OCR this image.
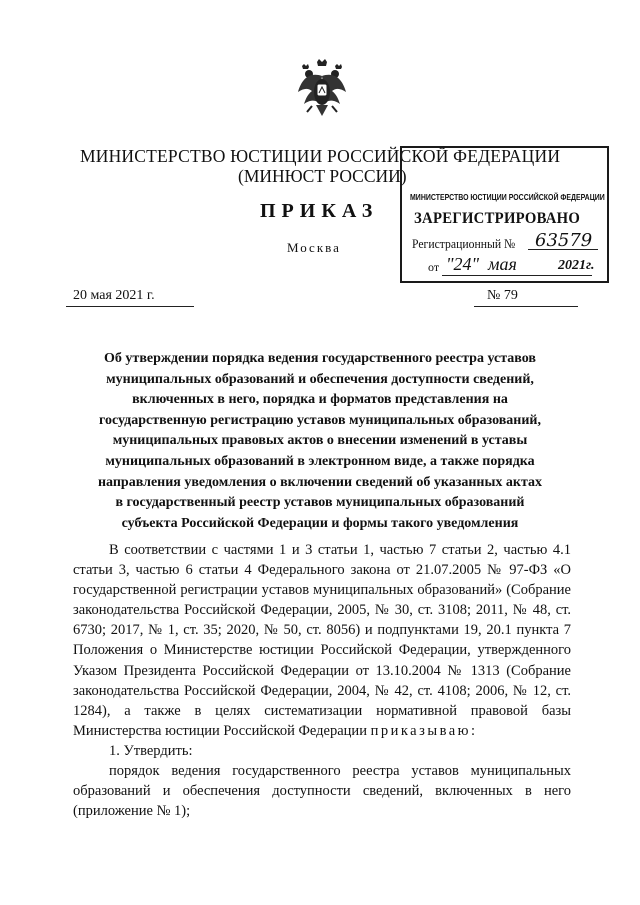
МИНИСТЕРСТВО ЮСТИЦИИ РОССИЙСКОЙ ФЕДЕРАЦИИ
(МИНЮСТ РОССИИ)
ПРИКАЗ
Москва
МИНИСТЕРСТВО ЮСТИЦИИ РОССИЙСКОЙ ФЕДЕРАЦИИ
ЗАРЕГИСТРИРОВАНО
Регистрационный № 63579
от "24" мая	2021г.
20 мая 2021 г.	№ 79
Об утверждении порядка ведения государственного реестра уставов
муниципальных образований и обеспечения доступности сведений,
включенных в него, порядка и форматов представления на
государственную регистрацию уставов муниципальных образований,
муниципальных правовых актов о внесении изменений в уставы
муниципальных образований в электронном виде, а также порядка
направления уведомления о включении сведений об указанных актах
в государственный реестр уставов муниципальных образований
субъекта Российской Федерации и формы такого уведомления

В соответствии с частями 1 и 3 статьи 1, частью 7 статьи 2, частью 4.1 статьи 3, частью 6 статьи 4 Федерального закона от 21.07.2005 № 97-ФЗ «О государственной регистрации уставов муниципальных образований» (Собрание законодательства Российской Федерации, 2005, № 30, ст. 3108; 2011, № 48, ст. 6730; 2017, № 1, ст. 35; 2020, № 50, ст. 8056) и подпунктами 19, 20.1 пункта 7 Положения о Министерстве юстиции Российской Федерации, утвержденного Указом Президента Российской Федерации от 13.10.2004 № 1313 (Собрание законодательства Российской Федерации, 2004, № 42, ст. 4108; 2006, № 12, ст. 1284), а также в целях систематизации нормативной правовой базы Министерства юстиции Российской Федерации приказываю:

1. Утвердить:

порядок ведения государственного реестра уставов муниципальных образований и обеспечения доступности сведений, включенных в него (приложение № 1);
